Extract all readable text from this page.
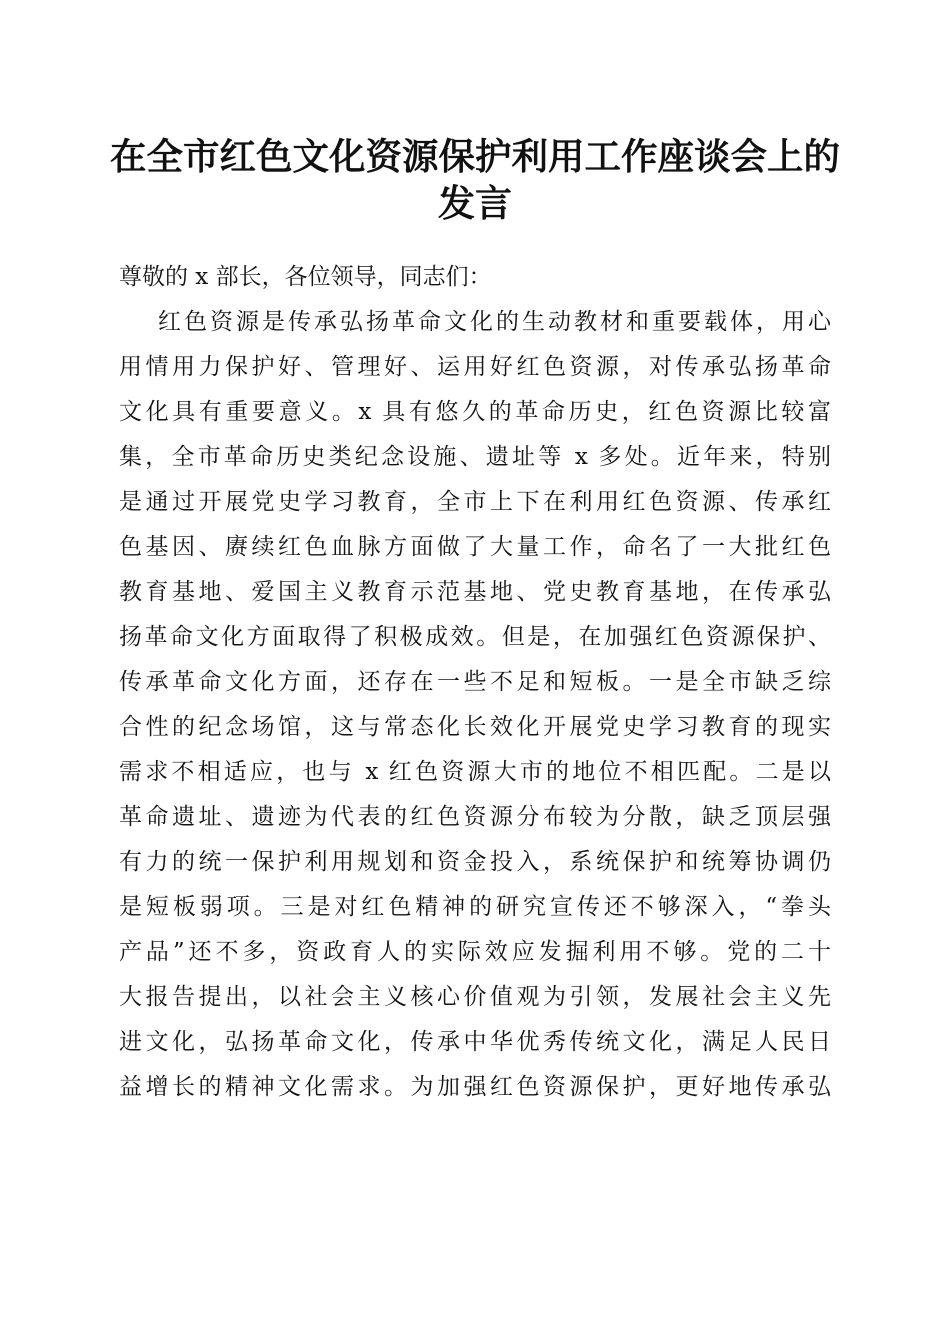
在全市红色文化资源保护利用工作座谈会上的
发言
尊敬的 x 部长，各位领导，同志们：
红色资源是传承弘扬革命文化的生动教材和重要载体，用心
用情用力保护好、管理好、运用好红色资源，对传承弘扬革命
文化具有重要意义。x 具有悠久的革命历史，红色资源比较富
集，全市革命历史类纪念设施、遗址等 x 多处。近年来，特别
是通过开展党史学习教育，全市上下在利用红色资源、传承红
色基因、赓续红色血脉方面做了大量工作，命名了一大批红色
教育基地、爱国主义教育示范基地、党史教育基地，在传承弘
扬革命文化方面取得了积极成效。但是，在加强红色资源保护、
传承革命文化方面，还存在一些不足和短板。一是全市缺乏综
合性的纪念场馆，这与常态化长效化开展党史学习教育的现实
需求不相适应，也与 x 红色资源大市的地位不相匹配。二是以
革命遗址、遗迹为代表的红色资源分布较为分散，缺乏顶层强
有力的统一保护利用规划和资金投入，系统保护和统筹协调仍
是短板弱项。三是对红色精神的研究宣传还不够深入，“拳头
产品”还不多，资政育人的实际效应发掘利用不够。党的二十
大报告提出，以社会主义核心价值观为引领，发展社会主义先
进文化，弘扬革命文化，传承中华优秀传统文化，满足人民日
益增长的精神文化需求。为加强红色资源保护，更好地传承弘
